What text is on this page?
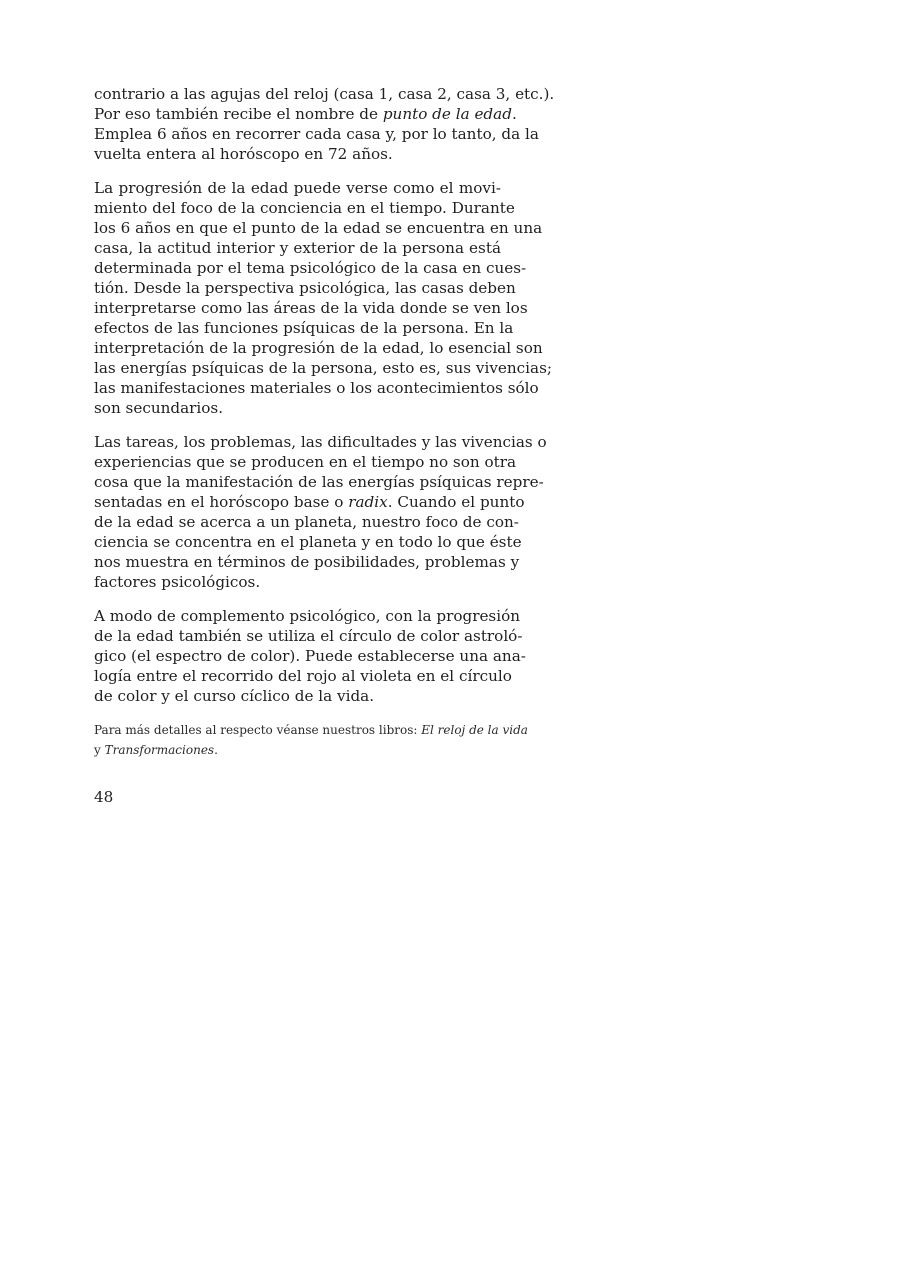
contrario a las agujas del reloj (casa 1, casa 2, casa 3, etc.).
Por eso también recibe el nombre de punto de la edad.
Emplea 6 años en recorrer cada casa y, por lo tanto, da la
vuelta entera al horóscopo en 72 años.

La progresión de la edad puede verse como el movi-
miento del foco de la conciencia en el tiempo. Durante
los 6 años en que el punto de la edad se encuentra en una
casa, la actitud interior y exterior de la persona está
determinada por el tema psicológico de la casa en cues-
tión. Desde la perspectiva psicológica, las casas deben
interpretarse como las áreas de la vida donde se ven los
efectos de las funciones psíquicas de la persona. En la
interpretación de la progresión de la edad, lo esencial son
las energías psíquicas de la persona, esto es, sus vivencias;
las manifestaciones materiales o los acontecimientos sólo
son secundarios.

Las tareas, los problemas, las dificultades y las vivencias o
experiencias que se producen en el tiempo no son otra
cosa que la manifestación de las energías psíquicas repre-
sentadas en el horóscopo base o radix. Cuando el punto
de la edad se acerca a un planeta, nuestro foco de con-
ciencia se concentra en el planeta y en todo lo que éste
nos muestra en términos de posibilidades, problemas y
factores psicológicos.

A modo de complemento psicológico, con la progresión
de la edad también se utiliza el círculo de color astroló-
gico (el espectro de color). Puede establecerse una ana-
logía entre el recorrido del rojo al violeta en el círculo
de color y el curso cíclico de la vida.

Para más detalles al respecto véanse nuestros libros: El reloj de la vida
y Transformaciones.

48
